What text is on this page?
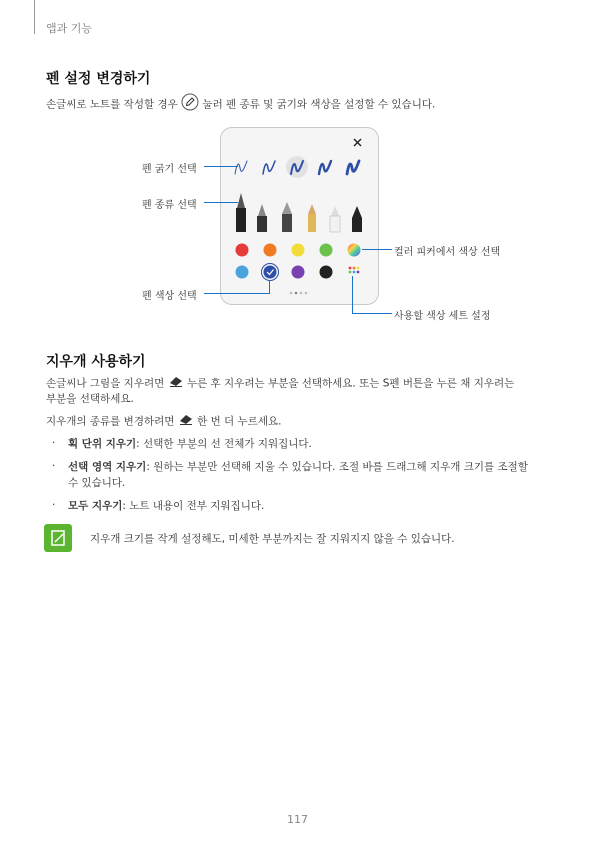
앱과 기능
펜 설정 변경하기

손글씨로 노트를 작성할 경우 눌러 펜 종류 및 굵기와 색상을 설정할 수 있습니다.

펜 굵기 선택
펜 종류 선택
펜 색상 선택
컬러 피커에서 색상 선택
사용할 색상 세트 설정
지우개 사용하기

손글씨나 그림을 지우려면 누른 후 지우려는 부분을 선택하세요. 또는 S펜 버튼을 누른 채 지우려는

부분을 선택하세요.

지우개의 종류를 변경하려면 한 번 더 누르세요.

· 획 단위 지우기: 선택한 부분의 선 전체가 지워집니다.

· 선택 영역 지우기: 원하는 부분만 선택해 지울 수 있습니다. 조절 바를 드래그해 지우개 크기를 조절할

수 있습니다.

· 모두 지우기: 노트 내용이 전부 지워집니다.

지우개 크기를 작게 설정해도, 미세한 부분까지는 잘 지워지지 않을 수 있습니다.

117
